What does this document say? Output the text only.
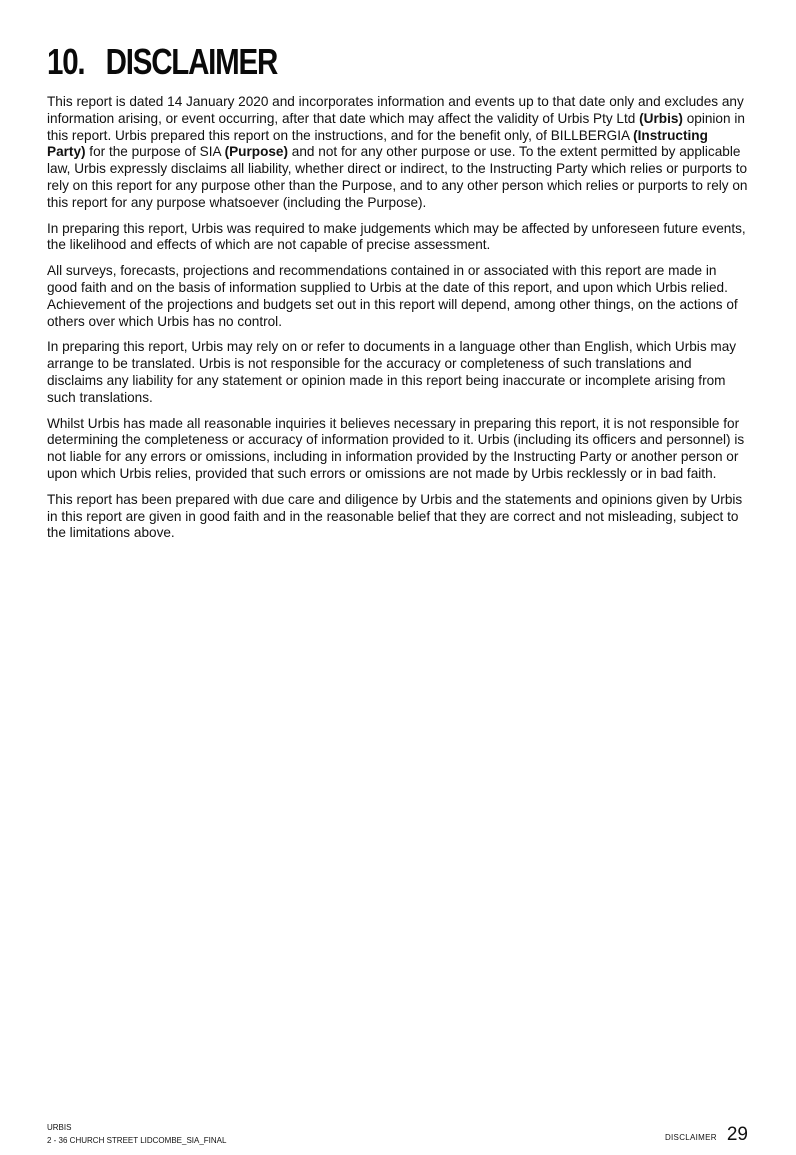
10. DISCLAIMER

This report is dated 14 January 2020 and incorporates information and events up to that date only and excludes any information arising, or event occurring, after that date which may affect the validity of Urbis Pty Ltd (Urbis) opinion in this report. Urbis prepared this report on the instructions, and for the benefit only, of BILLBERGIA (Instructing Party) for the purpose of SIA (Purpose) and not for any other purpose or use. To the extent permitted by applicable law, Urbis expressly disclaims all liability, whether direct or indirect, to the Instructing Party which relies or purports to rely on this report for any purpose other than the Purpose, and to any other person which relies or purports to rely on this report for any purpose whatsoever (including the Purpose).

In preparing this report, Urbis was required to make judgements which may be affected by unforeseen future events, the likelihood and effects of which are not capable of precise assessment.

All surveys, forecasts, projections and recommendations contained in or associated with this report are made in good faith and on the basis of information supplied to Urbis at the date of this report, and upon which Urbis relied. Achievement of the projections and budgets set out in this report will depend, among other things, on the actions of others over which Urbis has no control.

In preparing this report, Urbis may rely on or refer to documents in a language other than English, which Urbis may arrange to be translated. Urbis is not responsible for the accuracy or completeness of such translations and disclaims any liability for any statement or opinion made in this report being inaccurate or incomplete arising from such translations.

Whilst Urbis has made all reasonable inquiries it believes necessary in preparing this report, it is not responsible for determining the completeness or accuracy of information provided to it. Urbis (including its officers and personnel) is not liable for any errors or omissions, including in information provided by the Instructing Party or another person or upon which Urbis relies, provided that such errors or omissions are not made by Urbis recklessly or in bad faith.

This report has been prepared with due care and diligence by Urbis and the statements and opinions given by Urbis in this report are given in good faith and in the reasonable belief that they are correct and not misleading, subject to the limitations above.

URBIS
2 - 36 CHURCH STREET LIDCOMBE_SIA_FINAL	DISCLAIMER 29
